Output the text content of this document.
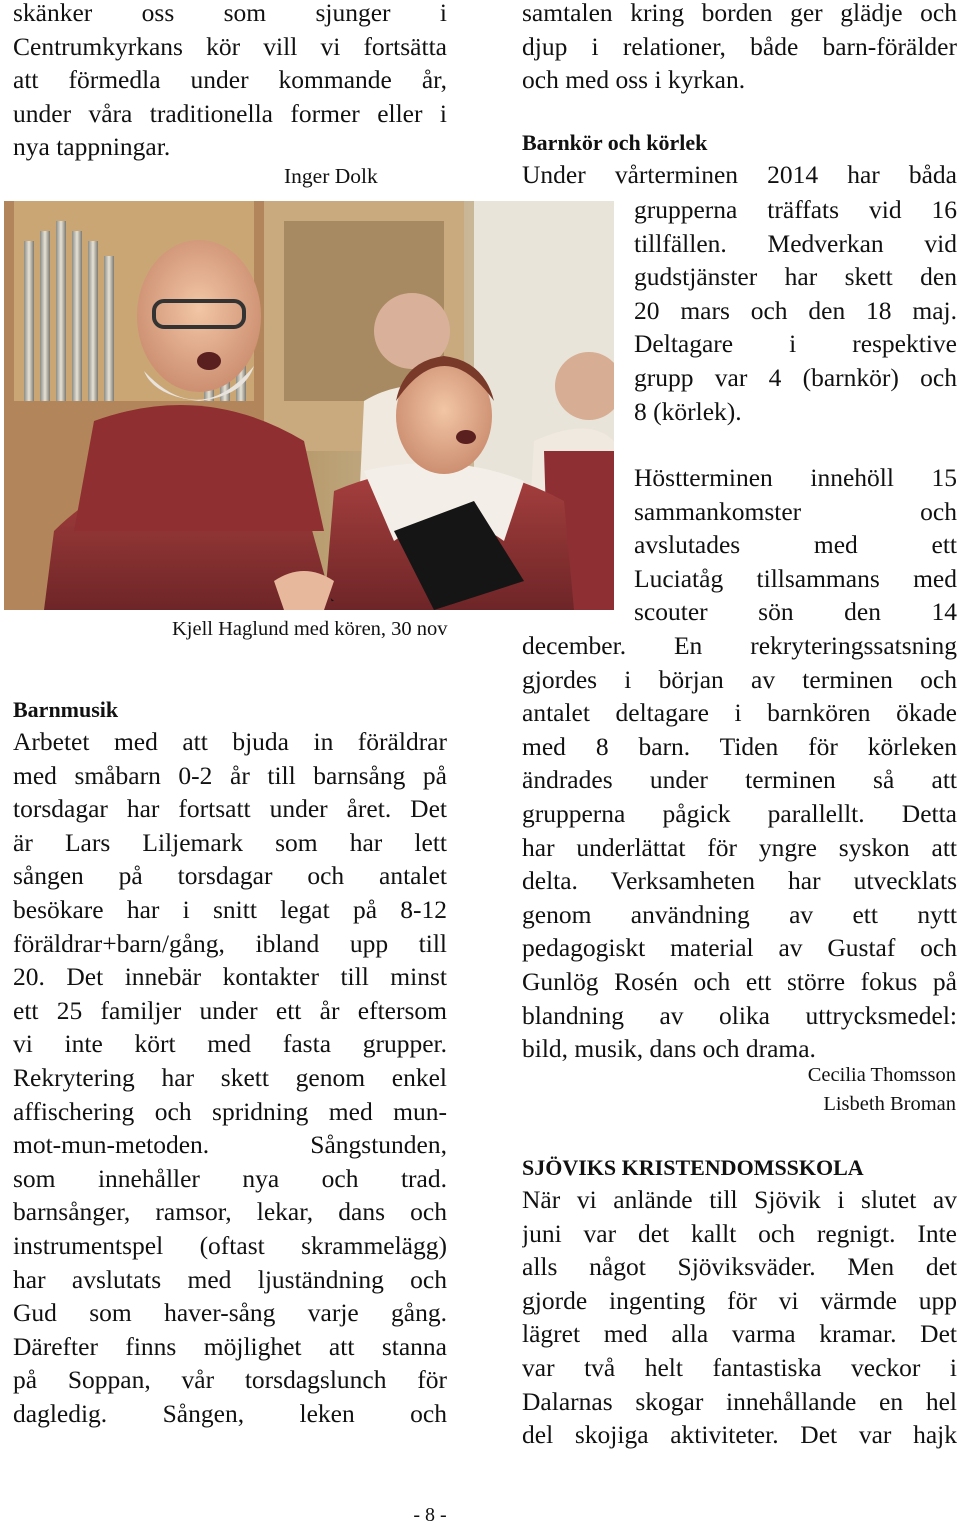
skänker oss som sjunger i
Centrumkyrkans kör vill vi fortsätta
att förmedla under kommande år,
under våra traditionella former eller i
nya tappningar.
Inger Dolk
Kjell Haglund med kören, 30 nov
Barnmusik
Arbetet med att bjuda in föräldrar
med småbarn 0-2 år till barnsång på
torsdagar har fortsatt under året. Det
är Lars Liljemark som har lett
sången på torsdagar och antalet
besökare har i snitt legat på 8-12
föräldrar+barn/gång, ibland upp till
20. Det innebär kontakter till minst
ett 25 familjer under ett år eftersom
vi inte kört med fasta grupper.
Rekrytering har skett genom enkel
affischering och spridning med mun-
mot-mun-metoden. Sångstunden,
som innehåller nya och trad.
barnsånger, ramsor, lekar, dans och
instrumentspel (oftast skrammelägg)
har avslutats med ljuständning och
Gud som haver-sång varje gång.
Därefter finns möjlighet att stanna
på Soppan, vår torsdagslunch för
dagledig. Sången, leken och
samtalen kring borden ger glädje och
djup i relationer, både barn-förälder
och med oss i kyrkan.
Barnkör och körlek
Under vårterminen 2014 har båda
grupperna träffats vid 16
tillfällen. Medverkan vid
gudstjänster har skett den
20 mars och den 18 maj.
Deltagare i respektive
grupp var 4 (barnkör) och
8 (körlek).
Höstterminen innehöll 15
sammankomster och
avslutades med ett
Luciatåg tillsammans med
scouter sön den 14
december. En rekryteringssatsning
gjordes i början av terminen och
antalet deltagare i barnkören ökade
med 8 barn. Tiden för körleken
ändrades under terminen så att
grupperna pågick parallellt. Detta
har underlättat för yngre syskon att
delta. Verksamheten har utvecklats
genom användning av ett nytt
pedagogiskt material av Gustaf och
Gunlög Rosén och ett större fokus på
blandning av olika uttrycksmedel:
bild, musik, dans och drama.
Cecilia Thomsson
Lisbeth Broman
SJÖVIKS KRISTENDOMSSKOLA
När vi anlände till Sjövik i slutet av
juni var det kallt och regnigt. Inte
alls något Sjöviksväder. Men det
gjorde ingenting för vi värmde upp
lägret med alla varma kramar. Det
var två helt fantastiska veckor i
Dalarnas skogar innehållande en hel
del skojiga aktiviteter. Det var hajk
- 8 -
